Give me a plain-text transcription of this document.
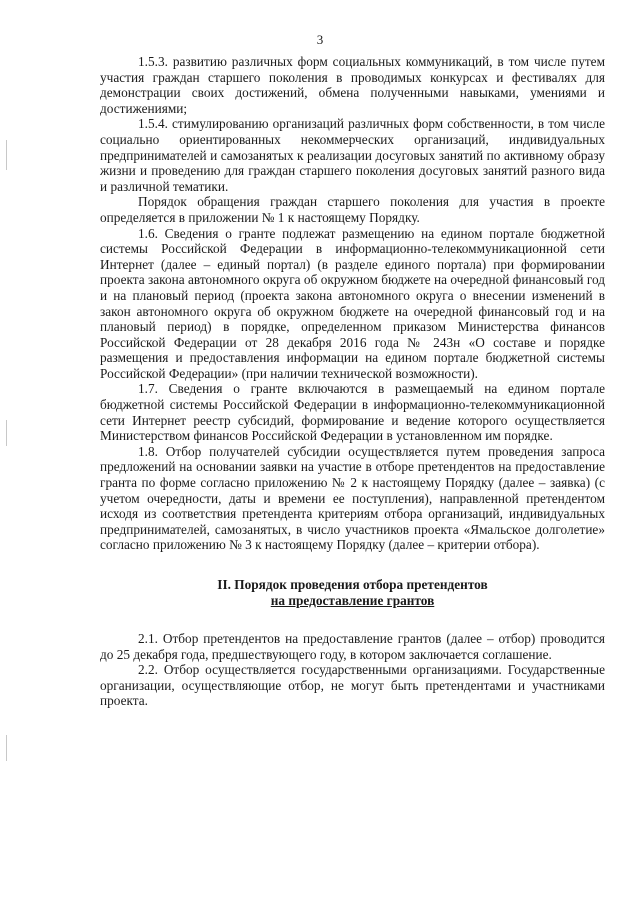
3

1.5.3. развитию различных форм социальных коммуникаций, в том числе путем участия граждан старшего поколения в проводимых конкурсах и фестивалях для демонстрации своих достижений, обмена полученными навыками, умениями и достижениями;

1.5.4. стимулированию организаций различных форм собственности, в том числе социально ориентированных некоммерческих организаций, индивидуальных предпринимателей и самозанятых к реализации досуговых занятий по активному образу жизни и проведению для граждан старшего поколения досуговых занятий разного вида и различной тематики.

Порядок обращения граждан старшего поколения для участия в проекте определяется в приложении № 1 к настоящему Порядку.

1.6. Сведения о гранте подлежат размещению на едином портале бюджетной системы Российской Федерации в информационно-телекоммуникационной сети Интернет (далее – единый портал) (в разделе единого портала) при формировании проекта закона автономного округа об окружном бюджете на очередной финансовый год и на плановый период (проекта закона автономного округа о внесении изменений в закон автономного округа об окружном бюджете на очередной финансовый год и на плановый период) в порядке, определенном приказом Министерства финансов Российской Федерации от 28 декабря 2016 года № 243н «О составе и порядке размещения и предоставления информации на едином портале бюджетной системы Российской Федерации» (при наличии технической возможности).

1.7. Сведения о гранте включаются в размещаемый на едином портале бюджетной системы Российской Федерации в информационно-телекоммуникационной сети Интернет реестр субсидий, формирование и ведение которого осуществляется Министерством финансов Российской Федерации в установленном им порядке.

1.8. Отбор получателей субсидии осуществляется путем проведения запроса предложений на основании заявки на участие в отборе претендентов на предоставление гранта по форме согласно приложению № 2 к настоящему Порядку (далее – заявка) (с учетом очередности, даты и времени ее поступления), направленной претендентом исходя из соответствия претендента критериям отбора организаций, индивидуальных предпринимателей, самозанятых, в число участников проекта «Ямальское долголетие» согласно приложению № 3 к настоящему Порядку (далее – критерии отбора).

II. Порядок проведения отбора претендентов
на предоставление грантов

2.1. Отбор претендентов на предоставление грантов (далее – отбор) проводится до 25 декабря года, предшествующего году, в котором заключается соглашение.

2.2. Отбор осуществляется государственными организациями. Государственные организации, осуществляющие отбор, не могут быть претендентами и участниками проекта.
